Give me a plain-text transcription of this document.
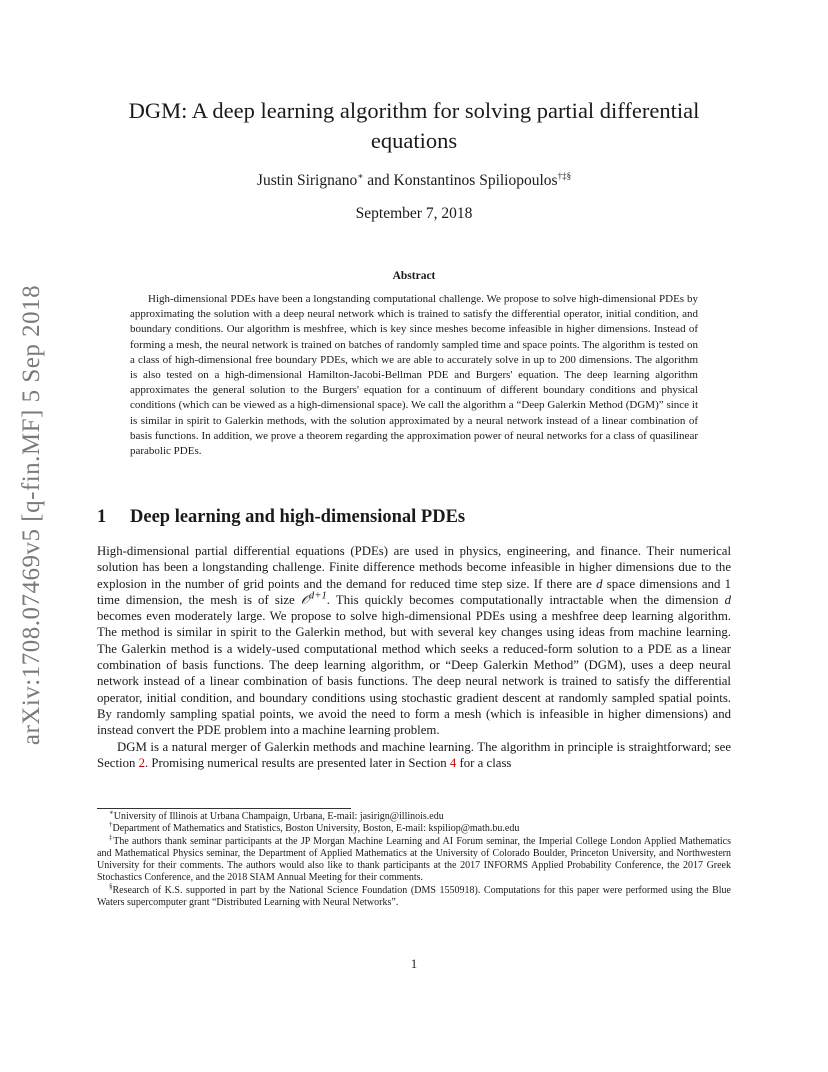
arXiv:1708.07469v5 [q-fin.MF] 5 Sep 2018
DGM: A deep learning algorithm for solving partial differential equations
Justin Sirignano∗ and Konstantinos Spiliopoulos†‡§
September 7, 2018
Abstract

High-dimensional PDEs have been a longstanding computational challenge. We propose to solve high-dimensional PDEs by approximating the solution with a deep neural network which is trained to satisfy the differential operator, initial condition, and boundary conditions. Our algorithm is meshfree, which is key since meshes become infeasible in higher dimensions. Instead of forming a mesh, the neural network is trained on batches of randomly sampled time and space points. The algorithm is tested on a class of high-dimensional free boundary PDEs, which we are able to accurately solve in up to 200 dimensions. The algorithm is also tested on a high-dimensional Hamilton-Jacobi-Bellman PDE and Burgers' equation. The deep learning algorithm approximates the general solution to the Burgers' equation for a continuum of different boundary conditions and physical conditions (which can be viewed as a high-dimensional space). We call the algorithm a “Deep Galerkin Method (DGM)” since it is similar in spirit to Galerkin methods, with the solution approximated by a neural network instead of a linear combination of basis functions. In addition, we prove a theorem regarding the approximation power of neural networks for a class of quasilinear parabolic PDEs.

1 Deep learning and high-dimensional PDEs

High-dimensional partial differential equations (PDEs) are used in physics, engineering, and finance. Their numerical solution has been a longstanding challenge. Finite difference methods become infeasible in higher dimensions due to the explosion in the number of grid points and the demand for reduced time step size. If there are d space dimensions and 1 time dimension, the mesh is of size 𝒪$^{d+1}$. This quickly becomes computationally intractable when the dimension d becomes even moderately large. We propose to solve high-dimensional PDEs using a meshfree deep learning algorithm. The method is similar in spirit to the Galerkin method, but with several key changes using ideas from machine learning. The Galerkin method is a widely-used computational method which seeks a reduced-form solution to a PDE as a linear combination of basis functions. The deep learning algorithm, or “Deep Galerkin Method” (DGM), uses a deep neural network instead of a linear combination of basis functions. The deep neural network is trained to satisfy the differential operator, initial condition, and boundary conditions using stochastic gradient descent at randomly sampled spatial points. By randomly sampling spatial points, we avoid the need to form a mesh (which is infeasible in higher dimensions) and instead convert the PDE problem into a machine learning problem.

DGM is a natural merger of Galerkin methods and machine learning. The algorithm in principle is straightforward; see Section 2. Promising numerical results are presented later in Section 4 for a class

∗University of Illinois at Urbana Champaign, Urbana, E-mail: jasirign@illinois.edu

†Department of Mathematics and Statistics, Boston University, Boston, E-mail: kspiliop@math.bu.edu

‡The authors thank seminar participants at the JP Morgan Machine Learning and AI Forum seminar, the Imperial College London Applied Mathematics and Mathematical Physics seminar, the Department of Applied Mathematics at the University of Colorado Boulder, Princeton University, and Northwestern University for their comments. The authors would also like to thank participants at the 2017 INFORMS Applied Probability Conference, the 2017 Greek Stochastics Conference, and the 2018 SIAM Annual Meeting for their comments.

§Research of K.S. supported in part by the National Science Foundation (DMS 1550918). Computations for this paper were performed using the Blue Waters supercomputer grant “Distributed Learning with Neural Networks”.

1
